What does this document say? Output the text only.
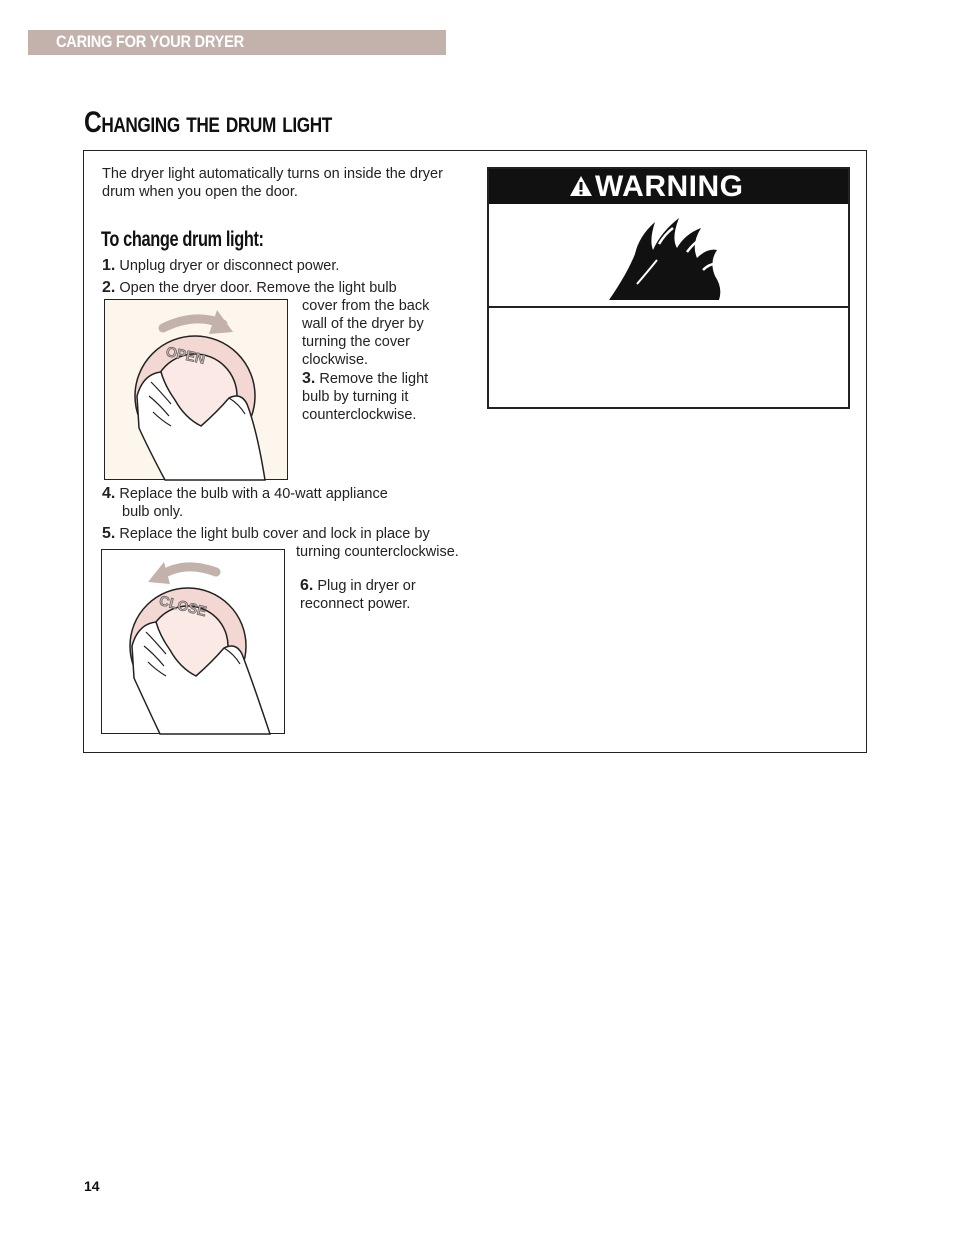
CARING FOR YOUR DRYER
Changing the drum light
The dryer light automatically turns on inside the dryer drum when you open the door.
To change drum light:
1. Unplug dryer or disconnect power.
2. Open the dryer door. Remove the light bulb
cover from the back
wall of the dryer by
turning the cover
clockwise.
3. Remove the light
bulb by turning it
counterclockwise.
OPEN
4. Replace the bulb with a 40-watt appliance
bulb only.
5. Replace the light bulb cover and lock in place by
turning counterclockwise.
CLOSE
6. Plug in dryer or
reconnect power.
WARNING
14
